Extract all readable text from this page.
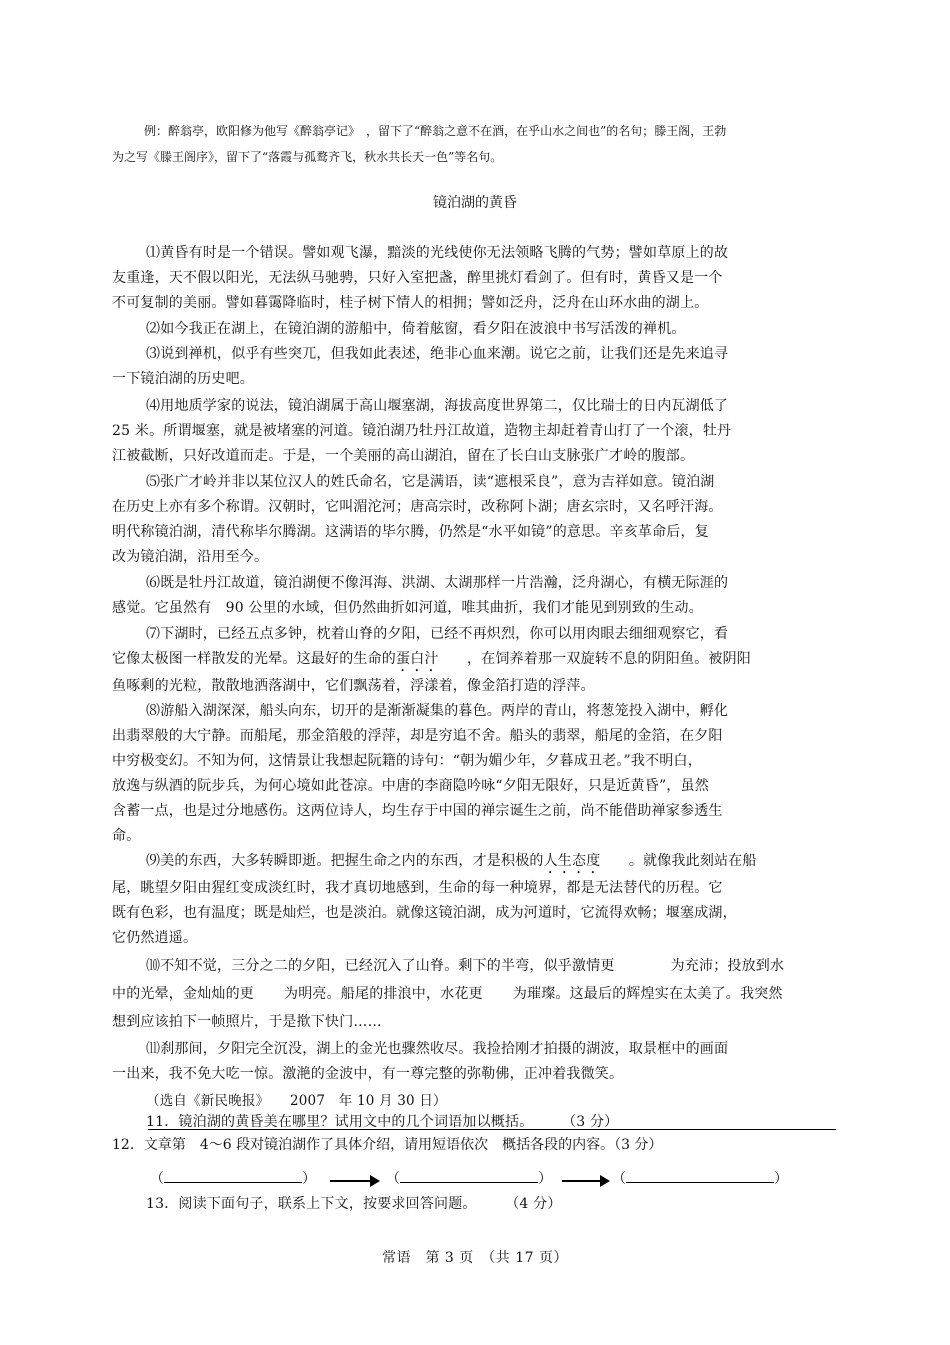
例：醉翁亭，欧阳修为他写《醉翁亭记》　，留下了“醉翁之意不在酒，在乎山水之间也”的名句；滕王阁，王勃
为之写《滕王阁序》，留下了“落霞与孤鹜齐飞，秋水共长天一色”等名句。
镜泊湖的黄昏
⑴黄昏有时是一个错误。譬如观飞瀑，黯淡的光线使你无法领略飞腾的气势；譬如草原上的故
友重逢，天不假以阳光，无法纵马驰骋，只好入室把盏，醉里挑灯看剑了。但有时，黄昏又是一个
不可复制的美丽。譬如暮霭降临时，桂子树下情人的相拥；譬如泛舟，泛舟在山环水曲的湖上。
⑵如今我正在湖上，在镜泊湖的游船中，倚着舷窗，看夕阳在波浪中书写活泼的禅机。
⑶说到禅机，似乎有些突兀，但我如此表述，绝非心血来潮。说它之前，让我们还是先来追寻
一下镜泊湖的历史吧。
⑷用地质学家的说法，镜泊湖属于高山堰塞湖，海拔高度世界第二，仅比瑞士的日内瓦湖低了
25 米。所谓堰塞，就是被堵塞的河道。镜泊湖乃牡丹江故道，造物主却赶着青山打了一个滚，牡丹
江被截断，只好改道而走。于是，一个美丽的高山湖泊，留在了长白山支脉张广才岭的腹部。
⑸张广才岭并非以某位汉人的姓氏命名，它是满语，读“遮根采良”，意为吉祥如意。镜泊湖
在历史上亦有多个称谓。汉朝时，它叫湄沱河；唐高宗时，改称阿卜湖；唐玄宗时，又名呼汗海。
明代称镜泊湖，清代称毕尔腾湖。这满语的毕尔腾，仍然是“水平如镜”的意思。辛亥革命后，复
改为镜泊湖，沿用至今。
⑹既是牡丹江故道，镜泊湖便不像洱海、洪湖、太湖那样一片浩瀚，泛舟湖心，有横无际涯的
感觉。它虽然有　90 公里的水域，但仍然曲折如河道，唯其曲折，我们才能见到别致的生动。
⑺下湖时，已经五点多钟，枕着山脊的夕阳，已经不再炽烈，你可以用肉眼去细细观察它，看
它像太极图一样散发的光晕。这最好的生命的蛋白汁　　，在饲养着那一双旋转不息的阴阳鱼。被阴阳
鱼啄剩的光粒，散散地洒落湖中，它们飘荡着，浮漾着，像金箔打造的浮萍。
⑻游船入湖深深，船头向东，切开的是渐渐凝集的暮色。两岸的青山，将葱笼投入湖中，孵化
出翡翠般的大宁静。而船尾，那金箔般的浮萍，却是穷追不舍。船头的翡翠，船尾的金箔，在夕阳
中穷极变幻。不知为何，这情景让我想起阮籍的诗句：“朝为媚少年，夕暮成丑老。”我不明白，
放逸与纵酒的阮步兵，为何心境如此苍凉。中唐的李商隐吟咏“夕阳无限好，只是近黄昏”，虽然
含蓄一点，也是过分地感伤。这两位诗人，均生存于中国的禅宗诞生之前，尚不能借助禅家参透生
命。
⑼美的东西，大多转瞬即逝。把握生命之内的东西，才是积极的人生态度　　。就像我此刻站在船
尾，眺望夕阳由猩红变成淡红时，我才真切地感到，生命的每一种境界，都是无法替代的历程。它
既有色彩，也有温度；既是灿烂，也是淡泊。就像这镜泊湖，成为河道时，它流得欢畅；堰塞成湖，
它仍然逍遥。
⑽不知不觉，三分之二的夕阳，已经沉入了山脊。剩下的半弯，似乎激情更　	为充沛；投放到水
中的光晕，金灿灿的更 为明亮。船尾的排浪中，水花更 为璀璨。这最后的辉煌实在太美了。我突然
想到应该拍下一帧照片，于是揿下快门……
⑾刹那间，夕阳完全沉没，湖上的金光也骤然收尽。我捡拾刚才拍摄的湖波，取景框中的画面
一出来，我不免大吃一惊。激滟的金波中，有一尊完整的弥勒佛，正冲着我微笑。
（选自《新民晚报》　　2007　年 10 月 30 日）
11．镜泊湖的黄昏美在哪里？试用文中的几个词语加以概括。　　　（3 分）
12．文章第　4～6 段对镜泊湖作了具体介绍，请用短语依次　 概括各段的内容。（3 分）
（	）	（	）	（	）
13．阅读下面句子，联系上下文，按要求回答问题。　　　（4 分）
常语　第 3 页　（共 17 页）
